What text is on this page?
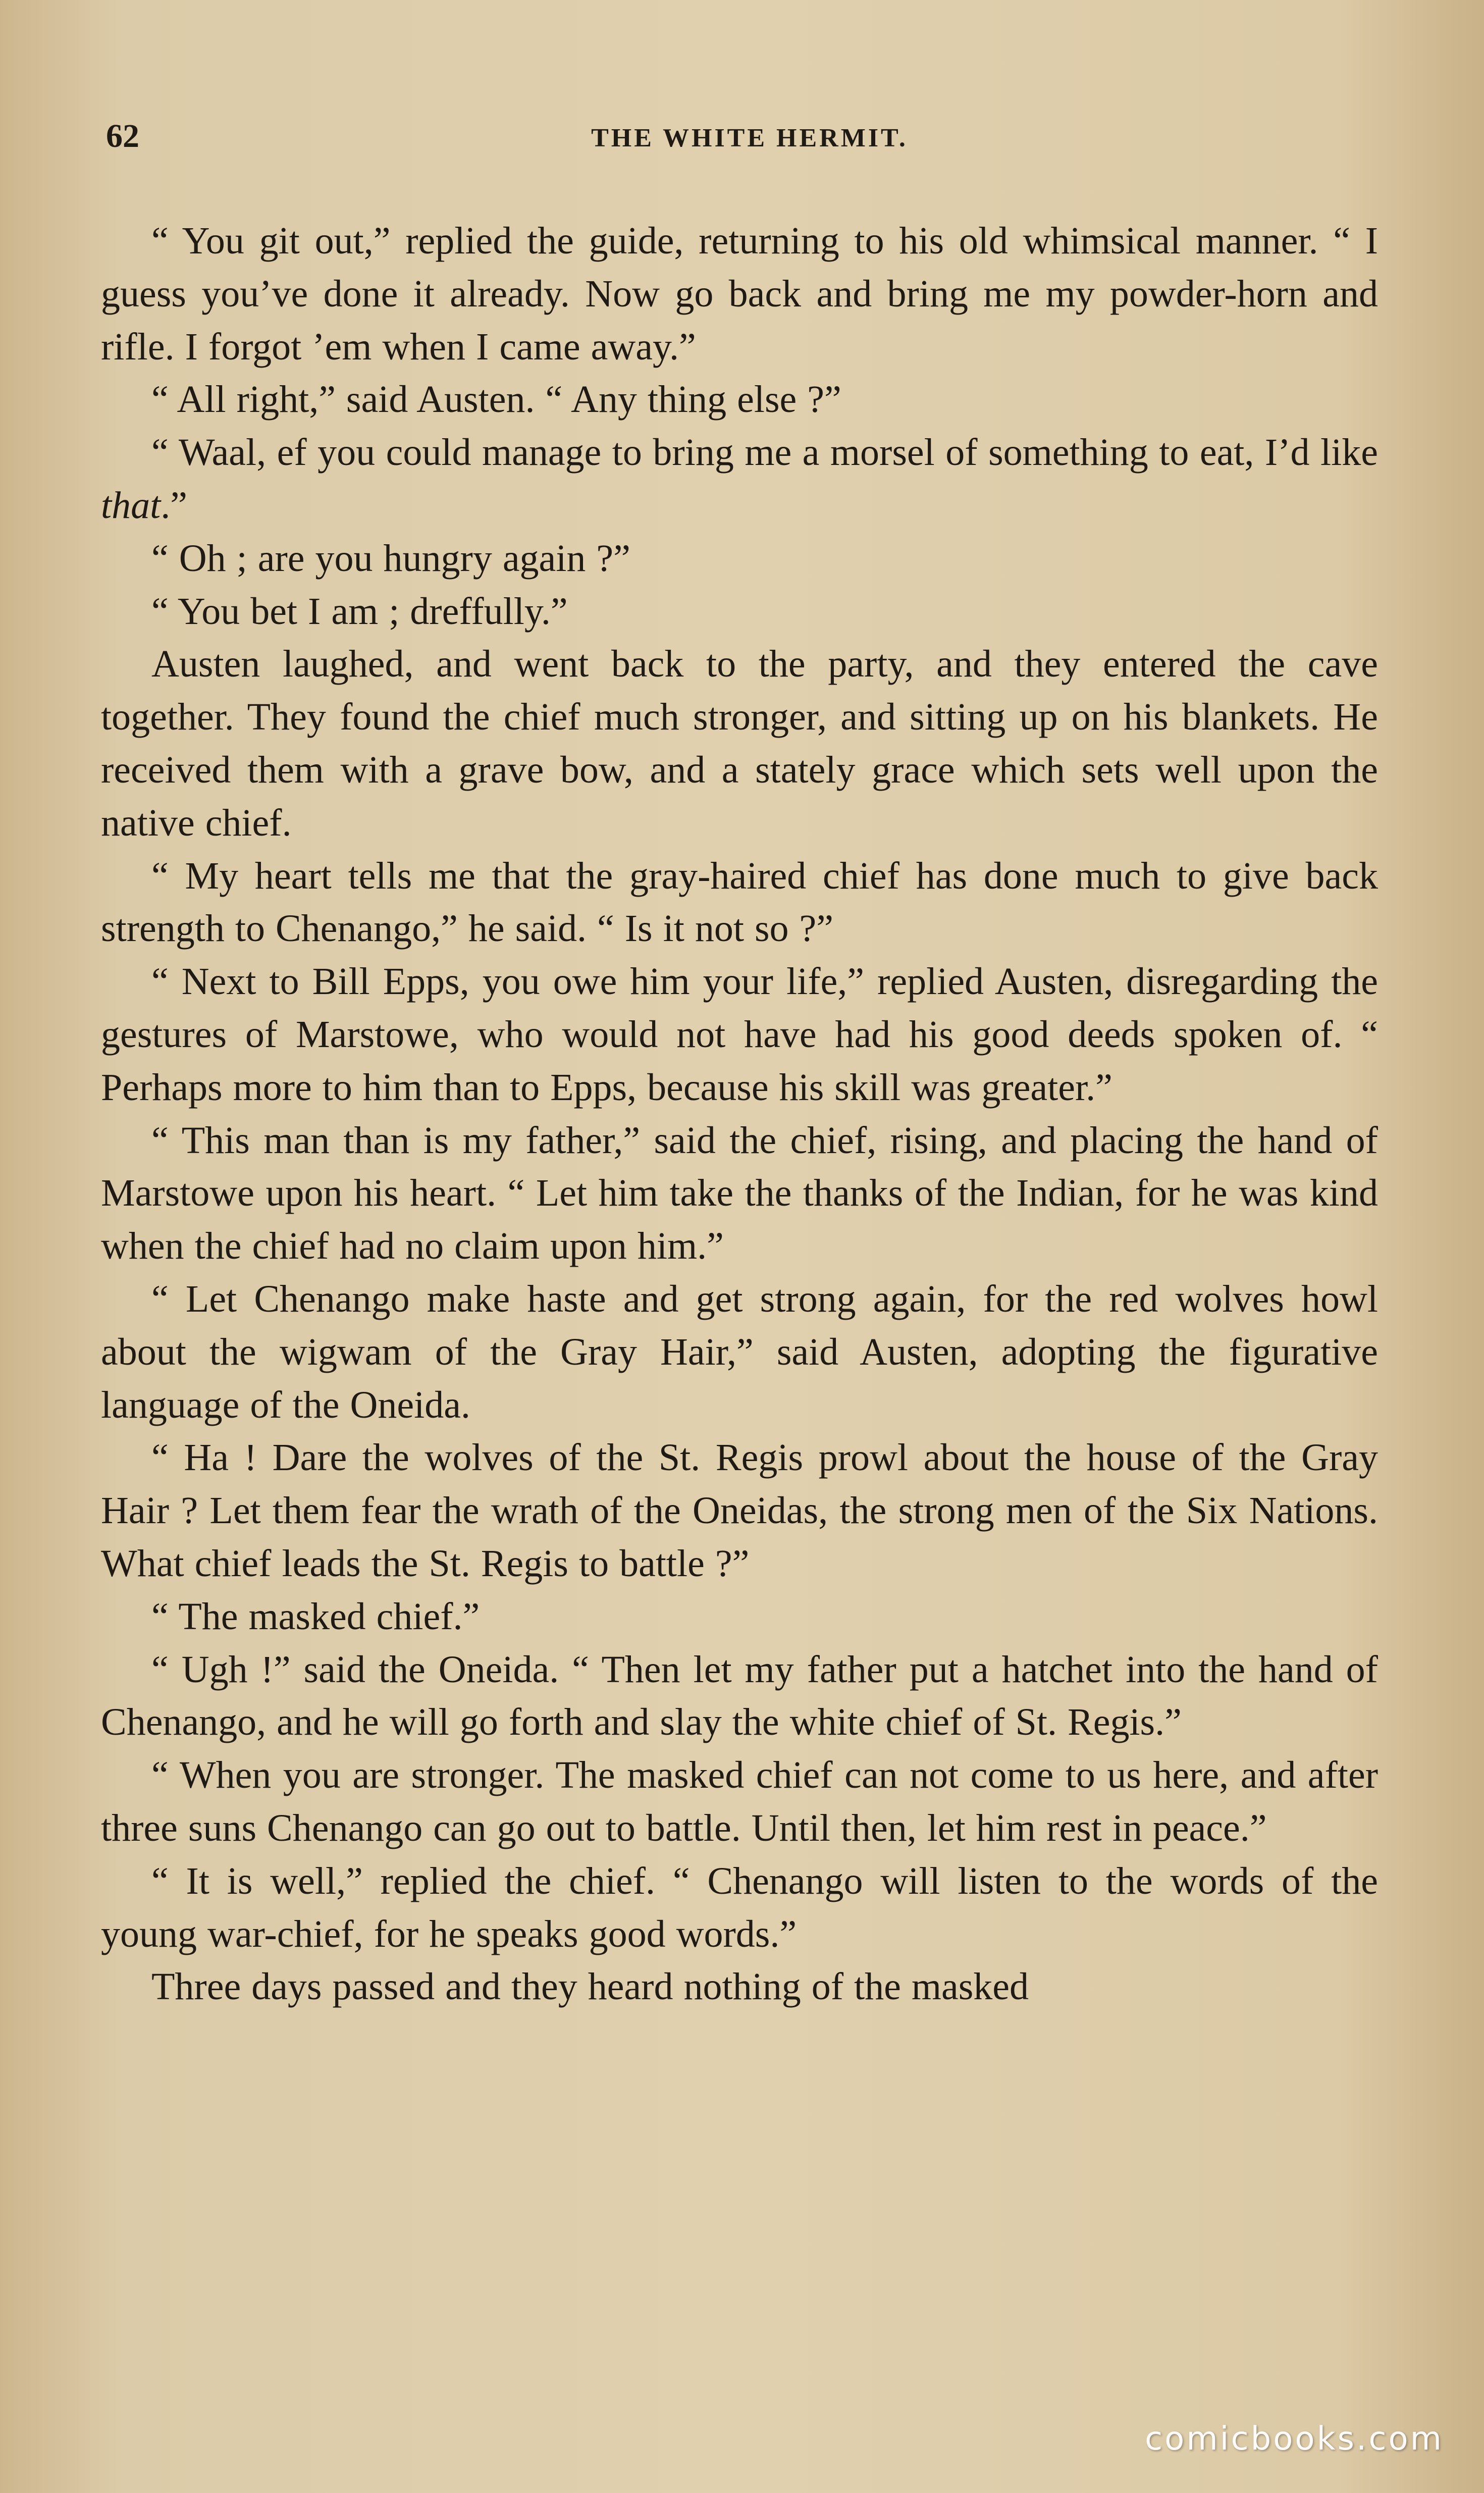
62	THE WHITE HERMIT.

“ You git out,” replied the guide, returning to his old whimsical manner. “ I guess you’ve done it already. Now go back and bring me my powder-horn and rifle. I forgot ’em when I came away.”

“ All right,” said Austen. “ Any thing else ?”

“ Waal, ef you could manage to bring me a morsel of something to eat, I’d like that.”

“ Oh ; are you hungry again ?”

“ You bet I am ; dreffully.”

Austen laughed, and went back to the party, and they entered the cave together. They found the chief much stronger, and sitting up on his blankets. He received them with a grave bow, and a stately grace which sets well upon the native chief.

“ My heart tells me that the gray-haired chief has done much to give back strength to Chenango,” he said. “ Is it not so ?”

“ Next to Bill Epps, you owe him your life,” replied Austen, disregarding the gestures of Marstowe, who would not have had his good deeds spoken of. “ Perhaps more to him than to Epps, because his skill was greater.”

“ This man than is my father,” said the chief, rising, and placing the hand of Marstowe upon his heart. “ Let him take the thanks of the Indian, for he was kind when the chief had no claim upon him.”

“ Let Chenango make haste and get strong again, for the red wolves howl about the wigwam of the Gray Hair,” said Austen, adopting the figurative language of the Oneida.

“ Ha ! Dare the wolves of the St. Regis prowl about the house of the Gray Hair ? Let them fear the wrath of the Oneidas, the strong men of the Six Nations. What chief leads the St. Regis to battle ?”

“ The masked chief.”

“ Ugh !” said the Oneida. “ Then let my father put a hatchet into the hand of Chenango, and he will go forth and slay the white chief of St. Regis.”

“ When you are stronger. The masked chief can not come to us here, and after three suns Chenango can go out to battle. Until then, let him rest in peace.”

“ It is well,” replied the chief. “ Chenango will listen to the words of the young war-chief, for he speaks good words.”

Three days passed and they heard nothing of the masked

comicbooks.com
